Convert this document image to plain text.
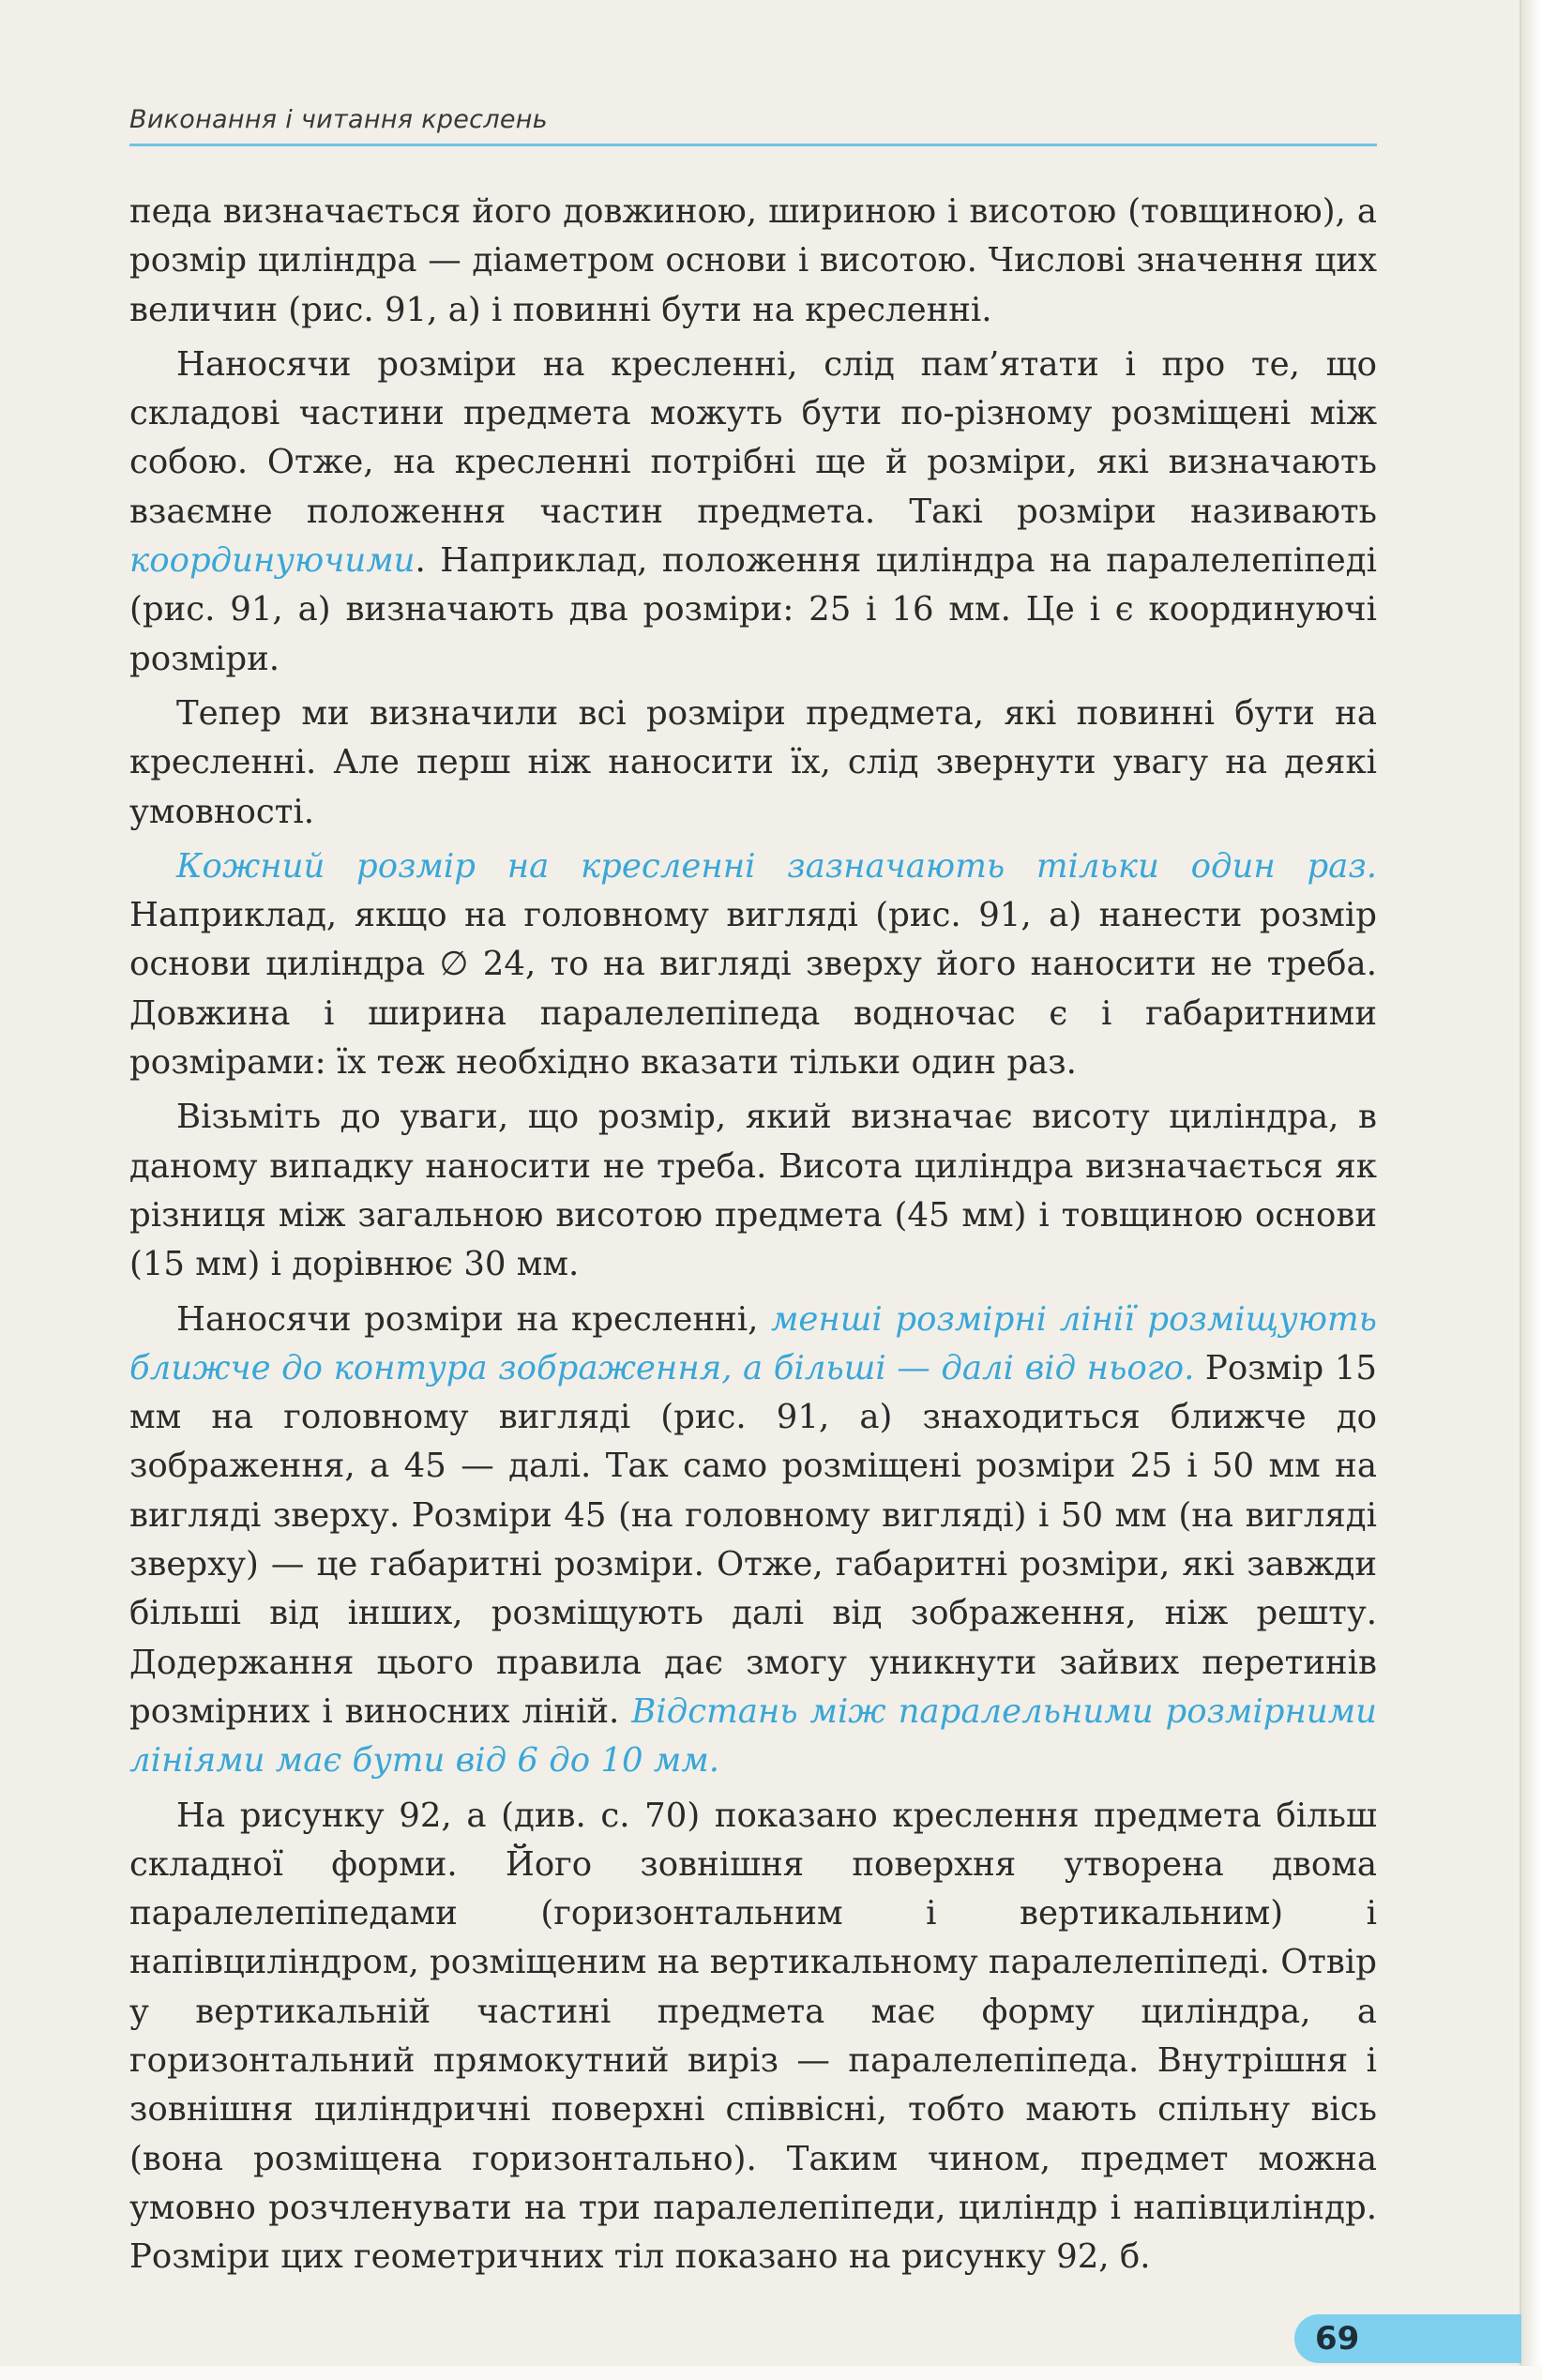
Виконання і читання креслень

педа визначається його довжиною, шириною і висотою (товщиною), а розмір циліндра — діаметром основи і висотою. Числові значення цих величин (рис. 91, а) і повинні бути на кресленні.

Наносячи розміри на кресленні, слід пам’ятати і про те, що складові частини предмета можуть бути по-різному розміщені між собою. Отже, на кресленні потрібні ще й розміри, які визначають взаємне положення частин предмета. Такі розміри називають координуючими. Наприклад, положення циліндра на паралелепіпеді (рис. 91, а) визначають два розміри: 25 і 16 мм. Це і є координуючі розміри.

Тепер ми визначили всі розміри предмета, які повинні бути на кресленні. Але перш ніж наносити їх, слід звернути увагу на деякі умовності.

Кожний розмір на кресленні зазначають тільки один раз. Наприклад, якщо на головному вигляді (рис. 91, а) нанести розмір основи циліндра ∅ 24, то на вигляді зверху його наносити не треба. Довжина і ширина паралелепіпеда водночас є і габаритними розмірами: їх теж необхідно вказати тільки один раз.

Візьміть до уваги, що розмір, який визначає висоту циліндра, в даному випадку наносити не треба. Висота циліндра визначається як різниця між загальною висотою предмета (45 мм) і товщиною основи (15 мм) і дорівнює 30 мм.

Наносячи розміри на кресленні, менші розмірні лінії розміщують ближче до контура зображення, а більші — далі від нього. Розмір 15 мм на головному вигляді (рис. 91, а) знаходиться ближче до зображення, а 45 — далі. Так само розміщені розміри 25 і 50 мм на вигляді зверху. Розміри 45 (на головному вигляді) і 50 мм (на вигляді зверху) — це габаритні розміри. Отже, габаритні розміри, які завжди більші від інших, розміщують далі від зображення, ніж решту. Додержання цього правила дає змогу уникнути зайвих перетинів розмірних і виносних ліній. Відстань між паралельними розмірними лініями має бути від 6 до 10 мм.

На рисунку 92, а (див. с. 70) показано креслення предмета більш складної форми. Його зовнішня поверхня утворена двома паралелепіпедами (горизонтальним і вертикальним) і напівциліндром, розміщеним на вертикальному паралелепіпеді. Отвір у вертикальній частині предмета має форму циліндра, а горизонтальний прямокутний виріз — паралелепіпеда. Внутрішня і зовнішня циліндричні поверхні співвісні, тобто мають спільну вісь (вона розміщена горизонтально). Таким чином, предмет можна умовно розчленувати на три паралелепіпеди, циліндр і напівциліндр. Розміри цих геометричних тіл показано на рисунку 92, б.

69
